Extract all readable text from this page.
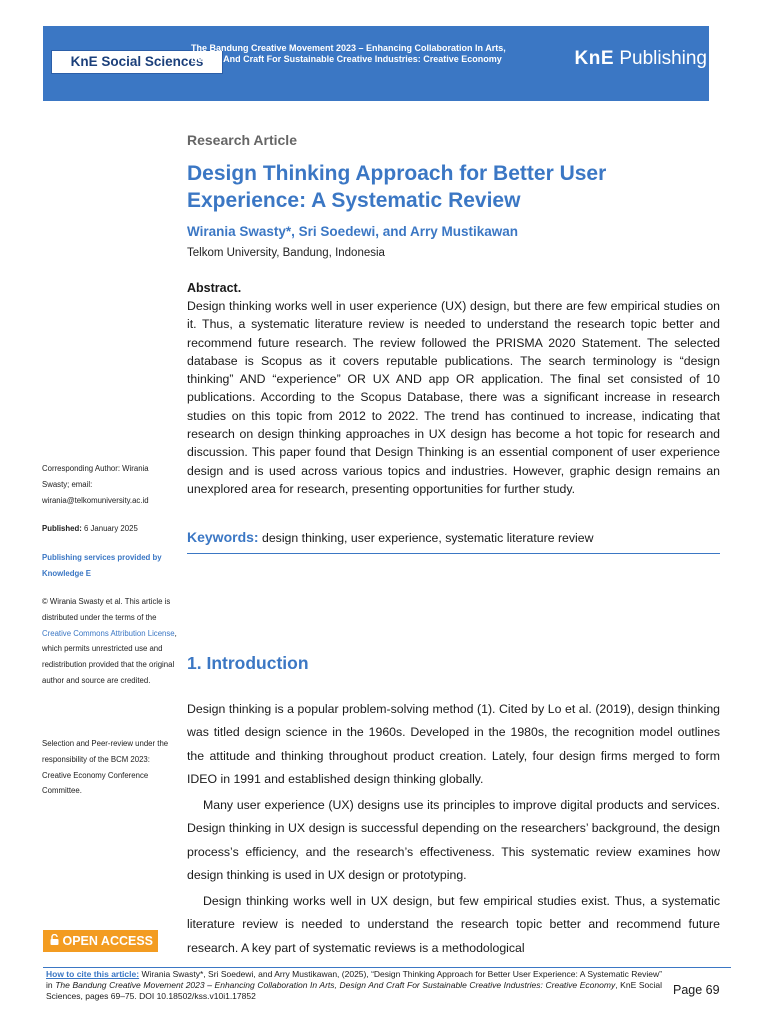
KnE Social Sciences
The Bandung Creative Movement 2023 – Enhancing Collaboration In Arts, Design And Craft For Sustainable Creative Industries: Creative Economy	KnE Publishing
Research Article
Design Thinking Approach for Better User Experience: A Systematic Review
Wirania Swasty*, Sri Soedewi, and Arry Mustikawan
Telkom University, Bandung, Indonesia
Abstract.

Design thinking works well in user experience (UX) design, but there are few empirical studies on it. Thus, a systematic literature review is needed to understand the research topic better and recommend future research. The review followed the PRISMA 2020 Statement. The selected database is Scopus as it covers reputable publications. The search terminology is “design thinking” AND “experience” OR UX AND app OR application. The final set consisted of 10 publications. According to the Scopus Database, there was a significant increase in research studies on this topic from 2012 to 2022. The trend has continued to increase, indicating that research on design thinking approaches in UX design has become a hot topic for research and discussion. This paper found that Design Thinking is an essential component of user experience design and is used across various topics and industries. However, graphic design remains an unexplored area for research, presenting opportunities for further study.

Keywords: design thinking, user experience, systematic literature review
Corresponding Author: Wirania Swasty; email: wirania@telkomuniversity.ac.id
Published: 6 January 2025
Publishing services provided by Knowledge E
© Wirania Swasty et al. This article is distributed under the terms of the Creative Commons Attribution License, which permits unrestricted use and redistribution provided that the original author and source are credited.
Selection and Peer-review under the responsibility of the BCM 2023: Creative Economy Conference Committee.
OPEN ACCESS
1. Introduction

Design thinking is a popular problem-solving method (1). Cited by Lo et al. (2019), design thinking was titled design science in the 1960s. Developed in the 1980s, the recognition model outlines the attitude and thinking throughout product creation. Lately, four design firms merged to form IDEO in 1991 and established design thinking globally.

Many user experience (UX) designs use its principles to improve digital products and services. Design thinking in UX design is successful depending on the researchers’ background, the design process’s efficiency, and the research’s effectiveness. This systematic review examines how design thinking is used in UX design or prototyping.

Design thinking works well in UX design, but few empirical studies exist. Thus, a systematic literature review is needed to understand the research topic better and recommend future research. A key part of systematic reviews is a methodological

How to cite this article: Wirania Swasty*, Sri Soedewi, and Arry Mustikawan, (2025), “Design Thinking Approach for Better User Experience: A Systematic Review” in The Bandung Creative Movement 2023 – Enhancing Collaboration In Arts, Design And Craft For Sustainable Creative Industries: Creative Economy, KnE Social Sciences, pages 69–75. DOI 10.18502/kss.v10i1.17852	Page 69
